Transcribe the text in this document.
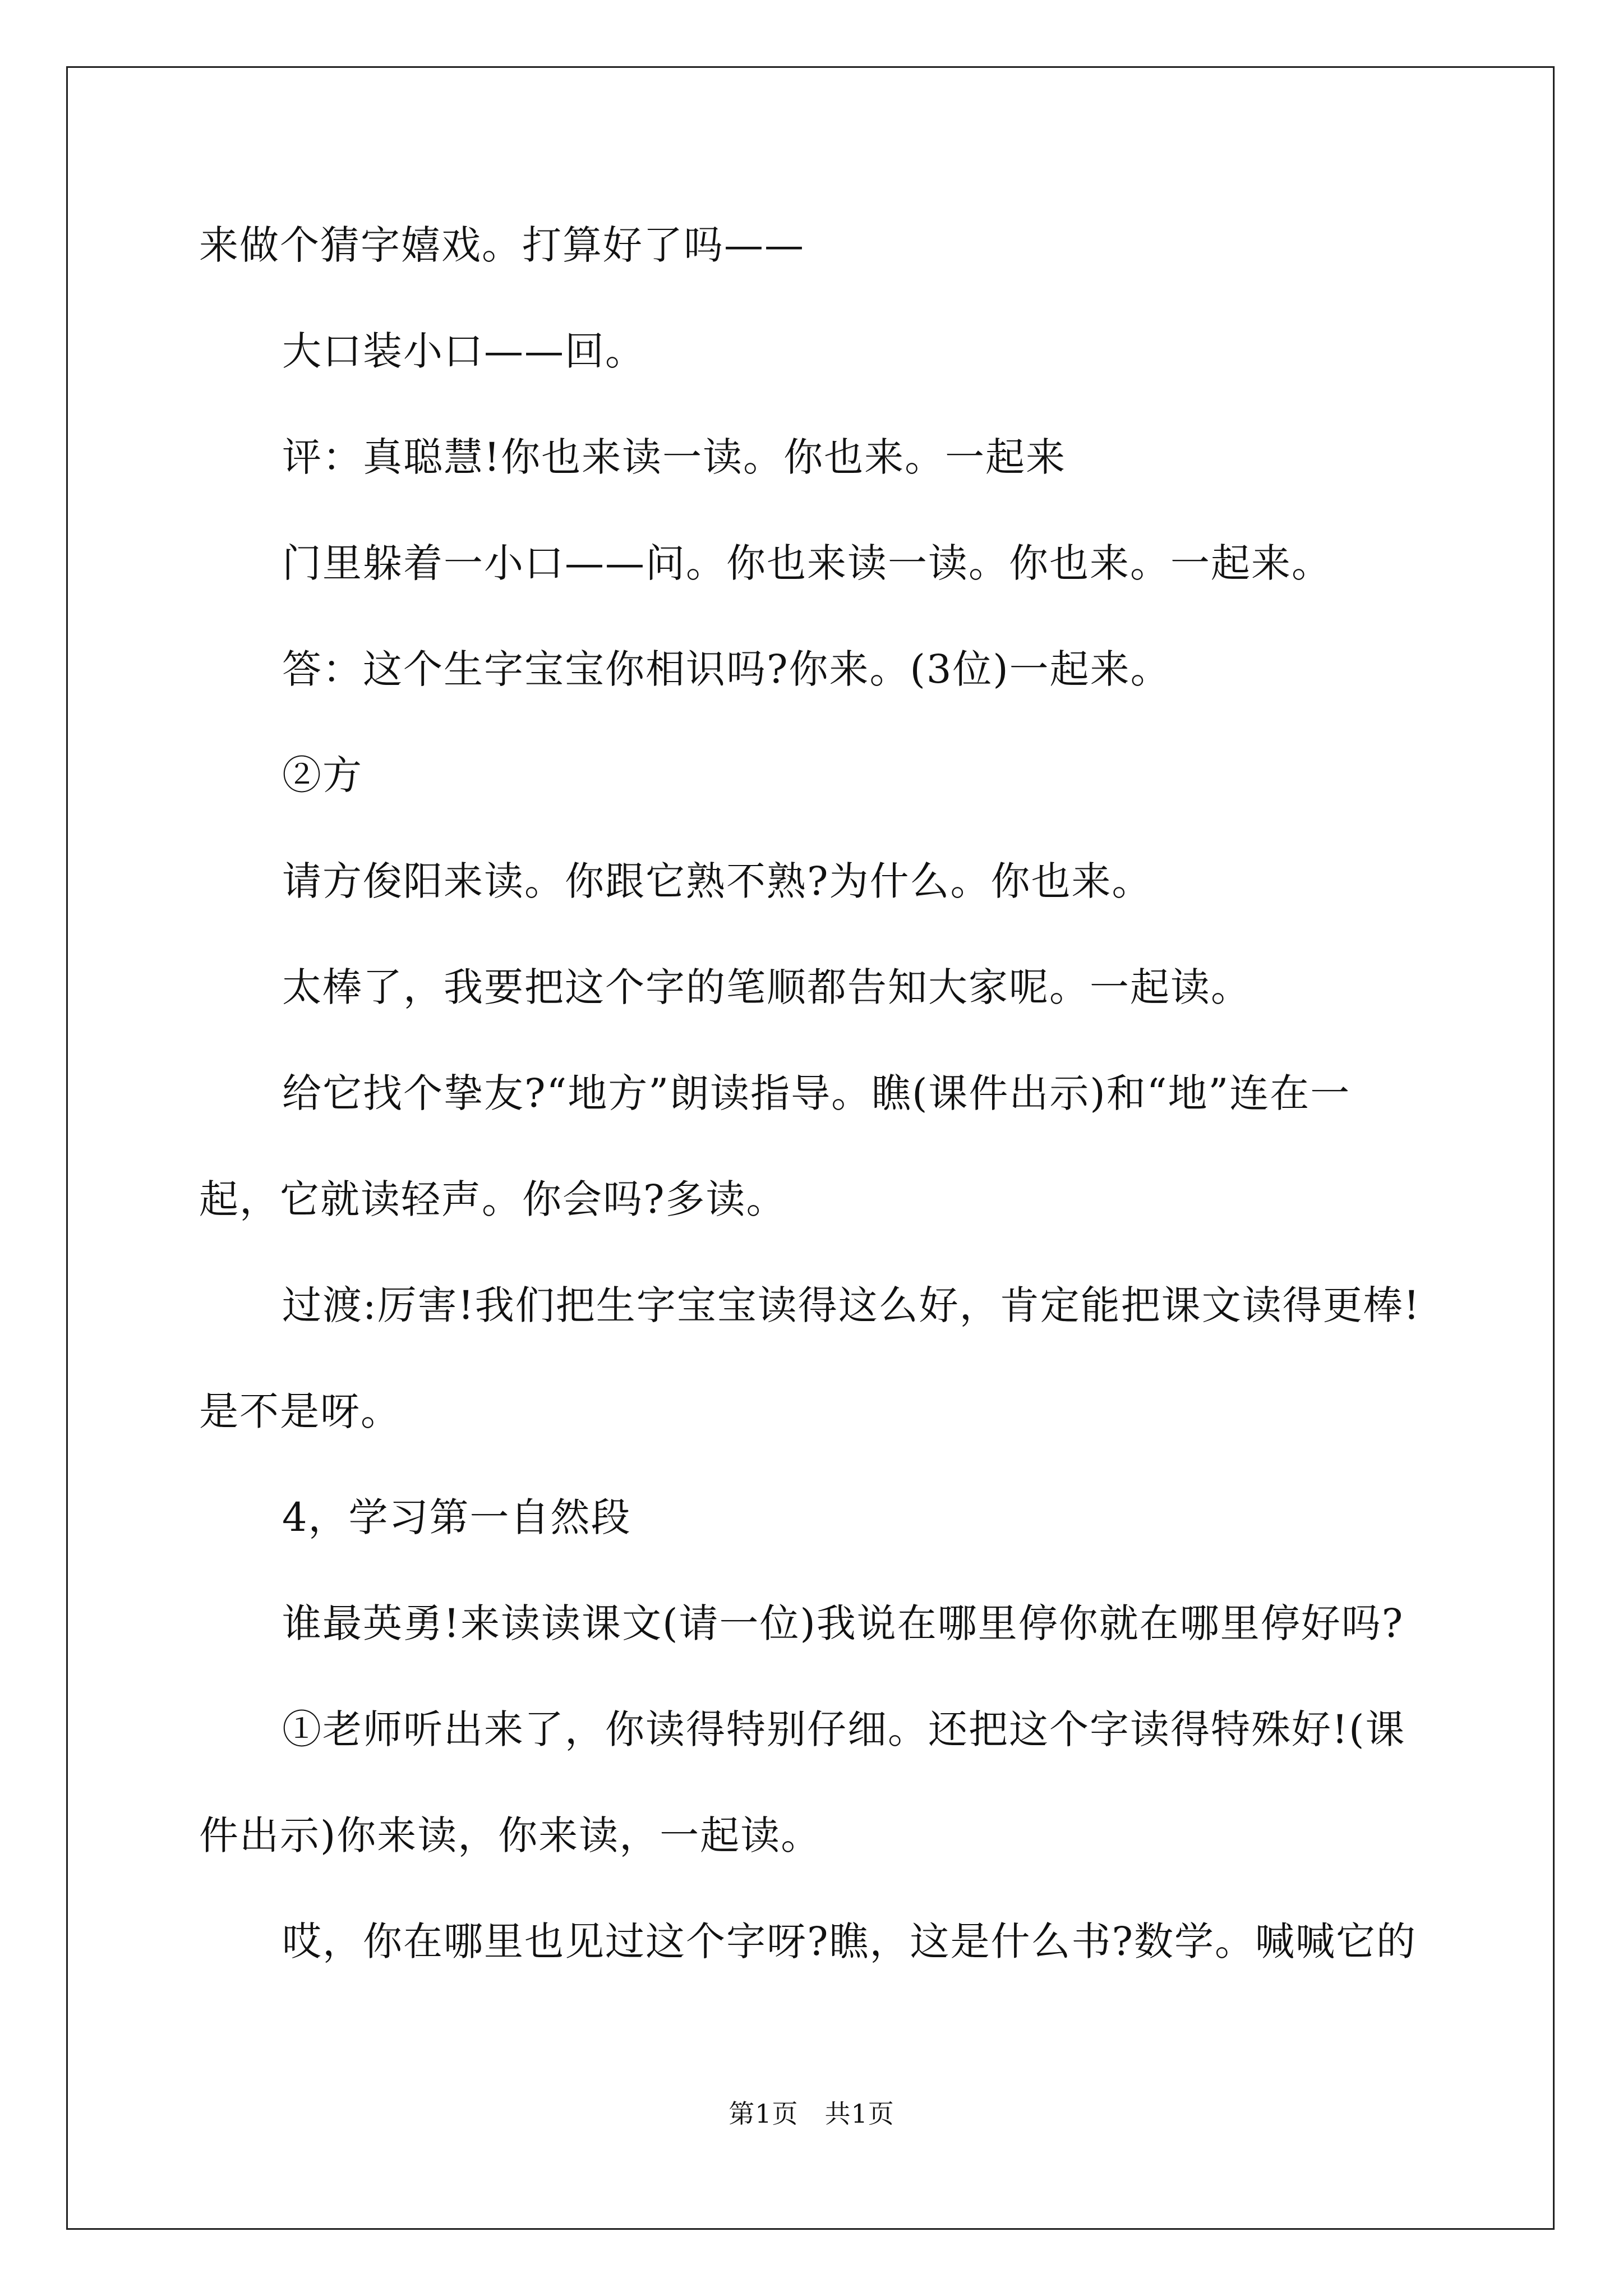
来做个猜字嬉戏。打算好了吗——
大口装小口——回。
评：真聪慧!你也来读一读。你也来。一起来
门里躲着一小口——问。你也来读一读。你也来。一起来。
答：这个生字宝宝你相识吗?你来。(3位)一起来。
②方
请方俊阳来读。你跟它熟不熟?为什么。你也来。
太棒了，我要把这个字的笔顺都告知大家呢。一起读。
给它找个挚友?“地方”朗读指导。瞧(课件出示)和“地”连在一
起，它就读轻声。你会吗?多读。
过渡:厉害!我们把生字宝宝读得这么好，肯定能把课文读得更棒!
是不是呀。
4，学习第一自然段
谁最英勇!来读读课文(请一位)我说在哪里停你就在哪里停好吗?
①老师听出来了，你读得特别仔细。还把这个字读得特殊好!(课
件出示)你来读，你来读，一起读。
哎，你在哪里也见过这个字呀?瞧，这是什么书?数学。喊喊它的
第1页　共1页
